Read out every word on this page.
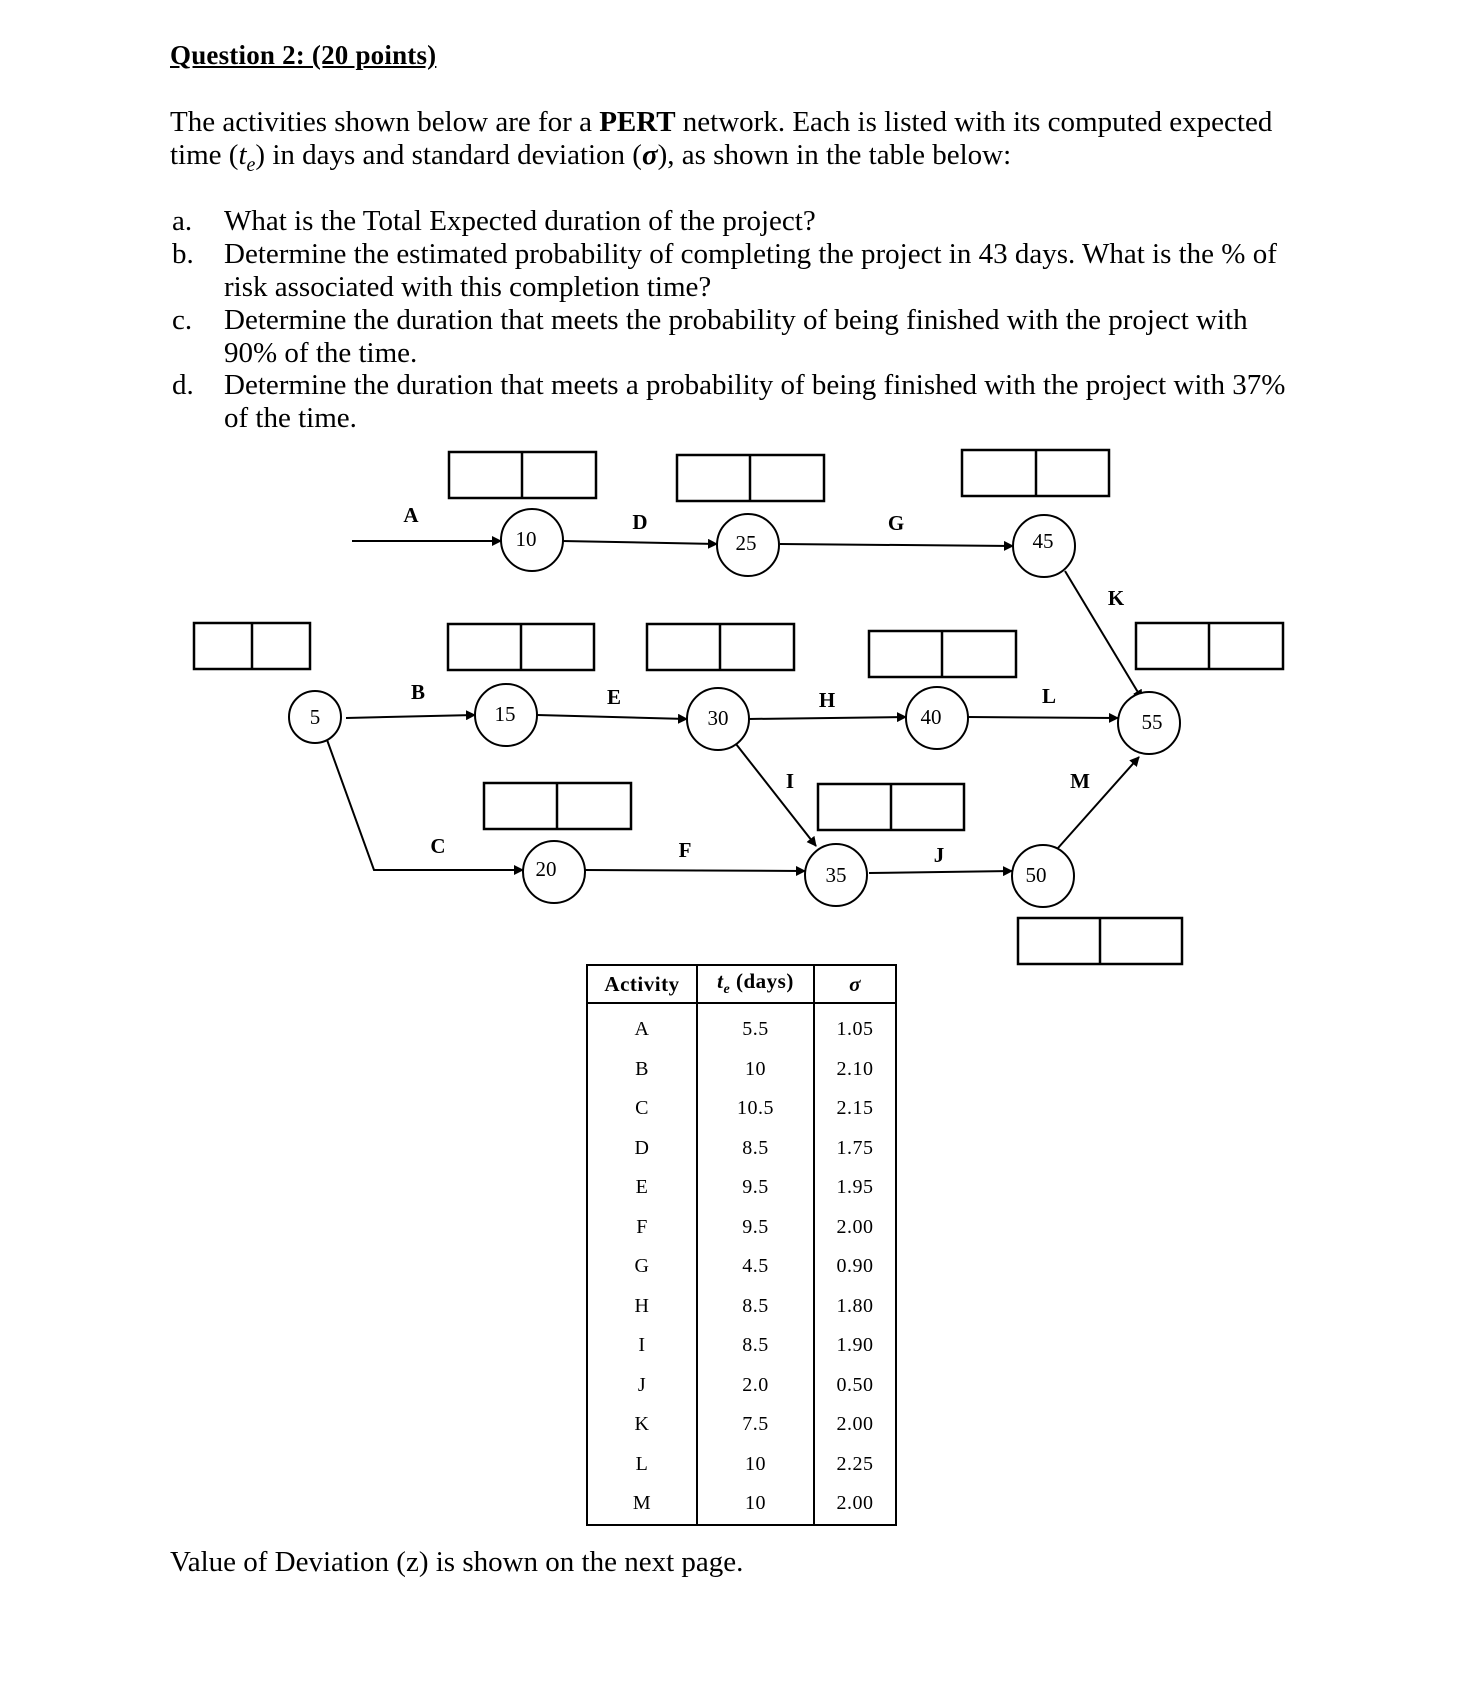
Question 2: (20 points)
The activities shown below are for a PERT network. Each is listed with its computed expected time $(t_e)$ in days and standard deviation (σ), as shown in the table below:
a. What is the Total Expected duration of the project?
b. Determine the estimated probability of completing the project in 43 days. What is the % of risk associated with this completion time?
c. Determine the duration that meets the probability of being finished with the project with 90% of the time.
d. Determine the duration that meets a probability of being finished with the project with 37% of the time.
5
10
15
20
25
30
35
40
45
50
55
A
B
C
D
E
F
G
H
I
J
K
L
M
Activity	$t_e$ (days)	σ
A	5.5	1.05
B	10	2.10
C	10.5	2.15
D	8.5	1.75
E	9.5	1.95
F	9.5	2.00
G	4.5	0.90
H	8.5	1.80
I	8.5	1.90
J	2.0	0.50
K	7.5	2.00
L	10	2.25
M	10	2.00
Value of Deviation (z) is shown on the next page.
